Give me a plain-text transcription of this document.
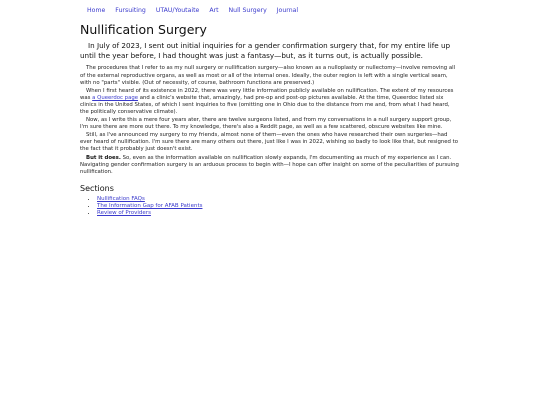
Home Fursuiting UTAU/Youtaite Art Null Surgery Journal
Nullification Surgery

In July of 2023, I sent out initial inquiries for a gender confirmation surgery that, for my entire life up until the year before, I had thought was just a fantasy—but, as it turns out, is actually possible.

The procedures that I refer to as my null surgery or nullification surgery—also known as a nulloplasty or nullectomy—involve removing all of the external reproductive organs, as well as most or all of the internal ones. Ideally, the outer region is left with a single vertical seam, with no "parts" visible. (Out of necessity, of course, bathroom functions are preserved.)

When I first heard of its existence in 2022, there was very little information publicly available on nullification. The extent of my resources was a Queerdoc page and a clinic's website that, amazingly, had pre-op and post-op pictures available. At the time, Queerdoc listed six clinics in the United States, of which I sent inquiries to five (omitting one in Ohio due to the distance from me and, from what I had heard, the politically conservative climate).

Now, as I write this a mere four years ater, there are twelve surgeons listed, and from my conversations in a null surgery support group, I'm sure there are more out there. To my knowledge, there's also a Reddit page, as well as a few scattered, obscure websites like mine.

Still, as I've announced my surgery to my friends, almost none of them—even the ones who have researched their own surgeries—had ever heard of nullification. I'm sure there are many others out there, just like I was in 2022, wishing so badly to look like that, but resigned to the fact that it probably just doesn't exist.

But it does. So, even as the information available on nullification slowly expands, I'm documenting as much of my experience as I can. Navigating gender confirmation surgery is an arduous process to begin with—I hope can offer insight on some of the peculiarities of pursuing nullification.

Sections
• Nullification FAQs
• The Information Gap for AFAB Patients
• Review of Providers
